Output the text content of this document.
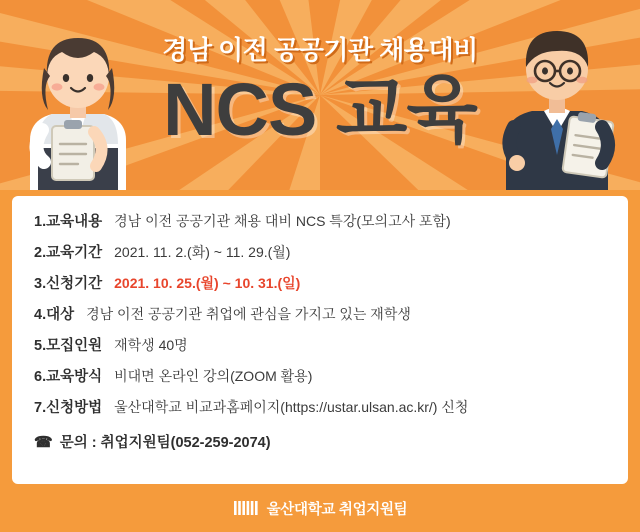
경남 이전 공공기관 채용대비
NCS 교육
1.교육내용 경남 이전 공공기관 채용 대비 NCS 특강(모의고사 포함)
2.교육기간 2021. 11. 2.(화) ~ 11. 29.(월)
3.신청기간 2021. 10. 25.(월) ~ 10. 31.(일)
4.대상 경남 이전 공공기관 취업에 관심을 가지고 있는 재학생
5.모집인원 재학생 40명
6.교육방식 비대면 온라인 강의(ZOOM 활용)
7.신청방법 울산대학교 비교과홈페이지(https://ustar.ulsan.ac.kr/) 신청
☎ 문의 : 취업지원팀(052-259-2074)
울산대학교 취업지원팀
